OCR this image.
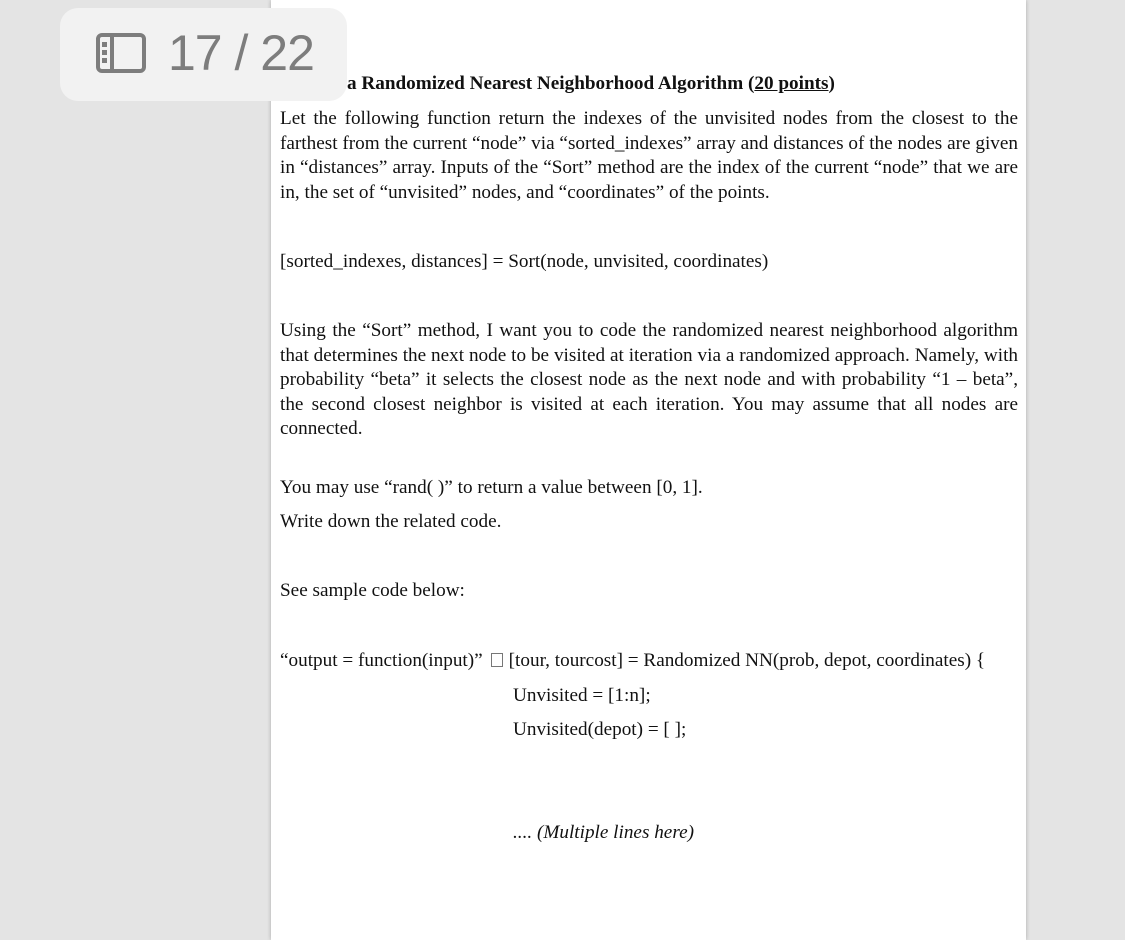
a Randomized Nearest Neighborhood Algorithm (20 points)
Let the following function return the indexes of the unvisited nodes from the closest to the farthest from the current “node” via “sorted_indexes” array and distances of the nodes are given in “distances” array. Inputs of the “Sort” method are the index of the current “node” that we are in, the set of “unvisited” nodes, and “coordinates” of the points.
[sorted_indexes, distances] = Sort(node, unvisited, coordinates)
Using the “Sort” method, I want you to code the randomized nearest neighborhood algorithm that determines the next node to be visited at iteration via a randomized approach. Namely, with probability “beta” it selects the closest node as the next node and with probability “1 – beta”, the second closest neighbor is visited at each iteration. You may assume that all nodes are connected.
You may use “rand( )” to return a value between [0, 1].
Write down the related code.
See sample code below:
“output = function(input)” [tour, tourcost] = Randomized NN(prob, depot, coordinates) {
Unvisited = [1:n];
Unvisited(depot) = [ ];
.... (Multiple lines here)
17 / 22
